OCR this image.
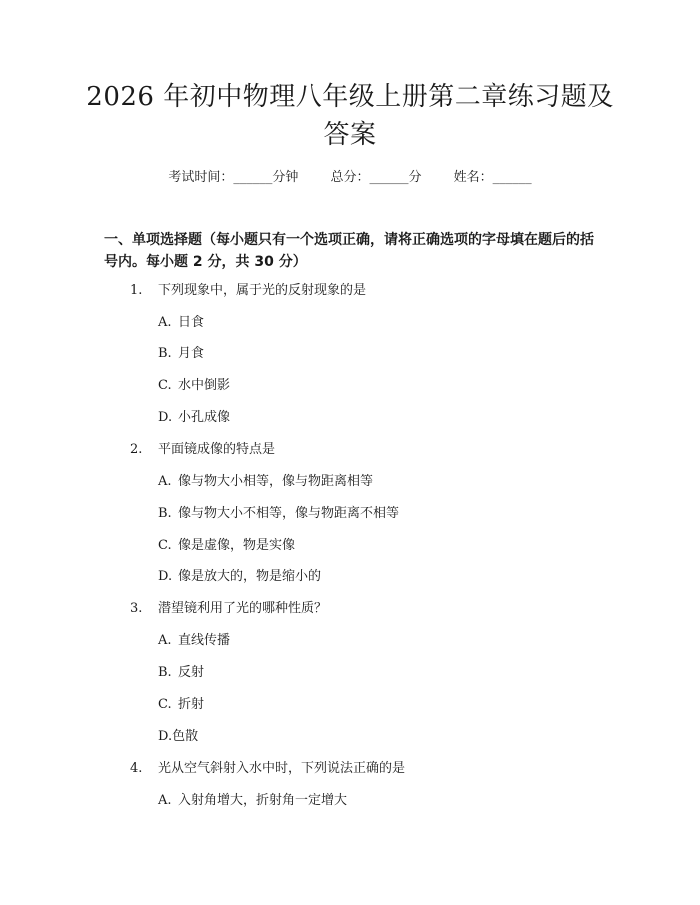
2026 年初中物理八年级上册第二章练习题及答案
考试时间：______分钟 总分：______分 姓名：______
一、单项选择题（每小题只有一个选项正确，请将正确选项的字母填在题后的括号内。每小题 2 分，共 30 分）
1. 下列现象中，属于光的反射现象的是
A. 日食
B. 月食
C. 水中倒影
D. 小孔成像
2. 平面镜成像的特点是
A. 像与物大小相等，像与物距离相等
B. 像与物大小不相等，像与物距离不相等
C. 像是虚像，物是实像
D. 像是放大的，物是缩小的
3. 潜望镜利用了光的哪种性质？
A. 直线传播
B. 反射
C. 折射
D.色散
4. 光从空气斜射入水中时，下列说法正确的是
A. 入射角增大，折射角一定增大
